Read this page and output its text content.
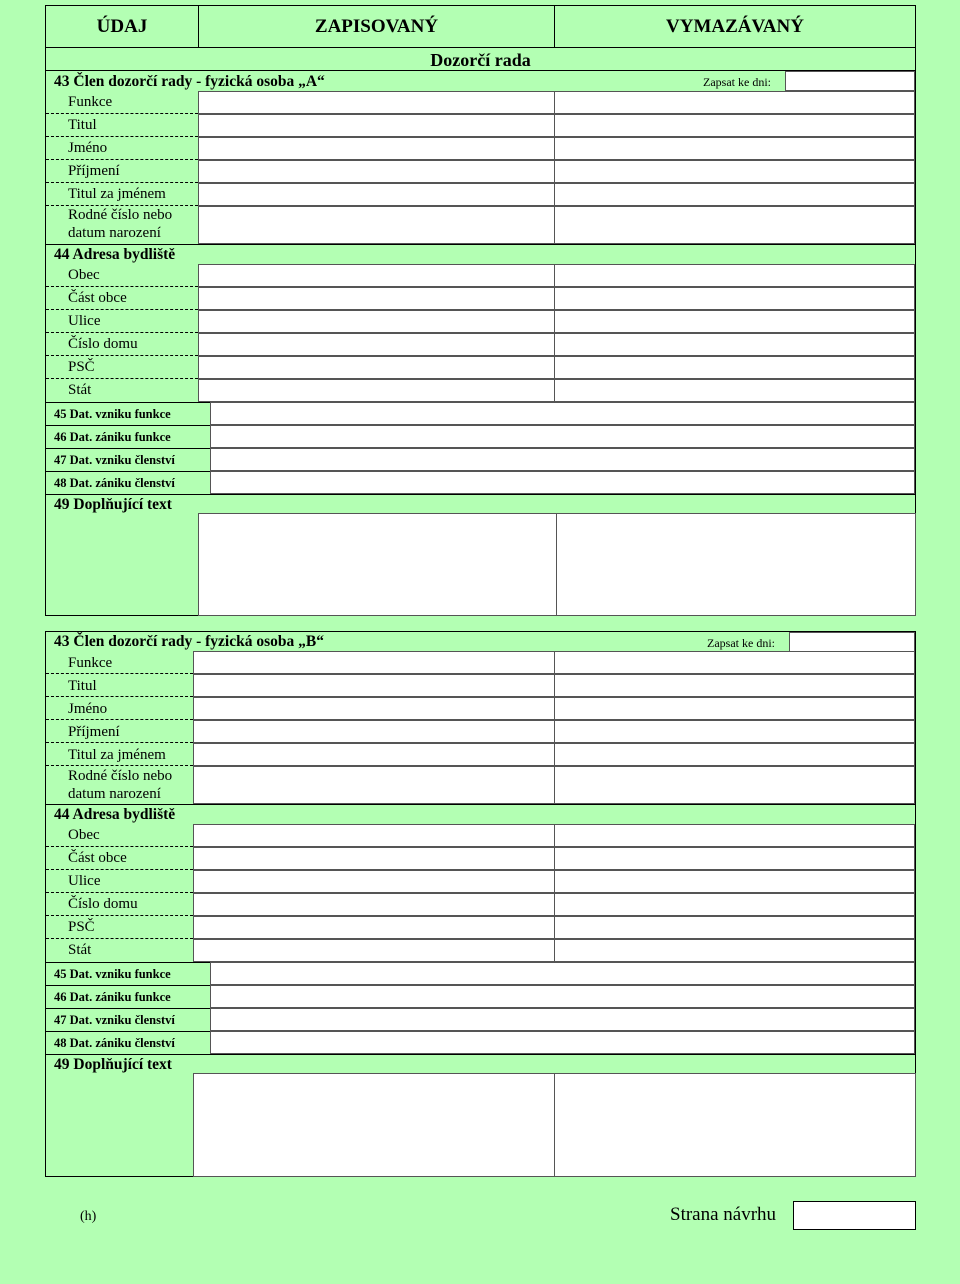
ÚDAJ	ZAPISOVANÝ	VYMAZÁVANÝ
Dozorčí rada
43 Člen dozorčí rady - fyzická osoba „A“	Zapsat ke dni:
Funkce
Titul
Jméno
Příjmení
Titul za jménem
Rodné číslo nebo
datum narození
44 Adresa bydliště
Obec
Část obce
Ulice
Číslo domu
PSČ
Stát
45 Dat. vzniku funkce
46 Dat. zániku funkce
47 Dat. vzniku členství
48 Dat. zániku členství
49 Doplňující text
43 Člen dozorčí rady - fyzická osoba „B“	Zapsat ke dni:
Funkce
Titul
Jméno
Příjmení
Titul za jménem
Rodné číslo nebo
datum narození
44 Adresa bydliště
Obec
Část obce
Ulice
Číslo domu
PSČ
Stát
45 Dat. vzniku funkce
46 Dat. zániku funkce
47 Dat. vzniku členství
48 Dat. zániku členství
49 Doplňující text
(h)	Strana návrhu
